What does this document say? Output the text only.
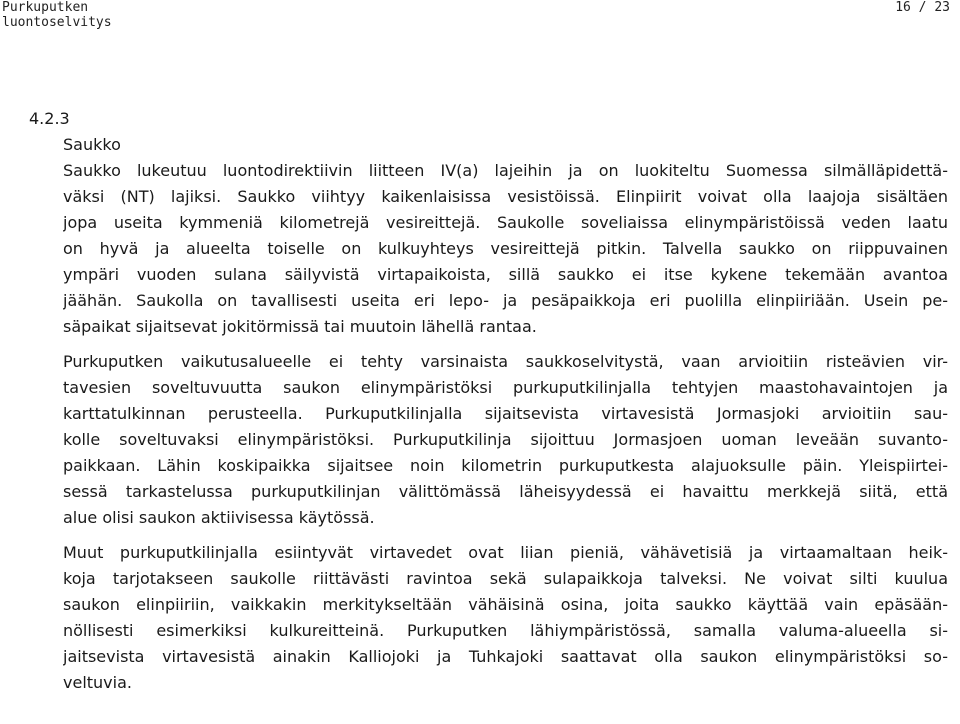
Purkuputken
luontoselvitys
16 / 23
4.2.3
Saukko
Saukko lukeutuu luontodirektiivin liitteen IV(a) lajeihin ja on luokiteltu Suomessa silmälläpidettä-
väksi (NT) lajiksi. Saukko viihtyy kaikenlaisissa vesistöissä. Elinpiirit voivat olla laajoja sisältäen
jopa useita kymmeniä kilometrejä vesireittejä. Saukolle soveliaissa elinympäristöissä veden laatu
on hyvä ja alueelta toiselle on kulkuyhteys vesireittejä pitkin. Talvella saukko on riippuvainen
ympäri vuoden sulana säilyvistä virtapaikoista, sillä saukko ei itse kykene tekemään avantoa
jäähän. Saukolla on tavallisesti useita eri lepo- ja pesäpaikkoja eri puolilla elinpiiriään. Usein pe-
säpaikat sijaitsevat jokitörmissä tai muutoin lähellä rantaa.
Purkuputken vaikutusalueelle ei tehty varsinaista saukkoselvitystä, vaan arvioitiin risteävien vir-
tavesien soveltuvuutta saukon elinympäristöksi purkuputkilinjalla tehtyjen maastohavaintojen ja
karttatulkinnan perusteella. Purkuputkilinjalla sijaitsevista virtavesistä Jormasjoki arvioitiin sau-
kolle soveltuvaksi elinympäristöksi. Purkuputkilinja sijoittuu Jormasjoen uoman leveään suvanto-
paikkaan. Lähin koskipaikka sijaitsee noin kilometrin purkuputkesta alajuoksulle päin. Yleispiirtei-
sessä tarkastelussa purkuputkilinjan välittömässä läheisyydessä ei havaittu merkkejä siitä, että
alue olisi saukon aktiivisessa käytössä.
Muut purkuputkilinjalla esiintyvät virtavedet ovat liian pieniä, vähävetisiä ja virtaamaltaan heik-
koja tarjotakseen saukolle riittävästi ravintoa sekä sulapaikkoja talveksi. Ne voivat silti kuulua
saukon elinpiiriin, vaikkakin merkitykseltään vähäisinä osina, joita saukko käyttää vain epäsään-
nöllisesti esimerkiksi kulkureitteinä. Purkuputken lähiympäristössä, samalla valuma-alueella si-
jaitsevista virtavesistä ainakin Kalliojoki ja Tuhkajoki saattavat olla saukon elinympäristöksi so-
veltuvia.
